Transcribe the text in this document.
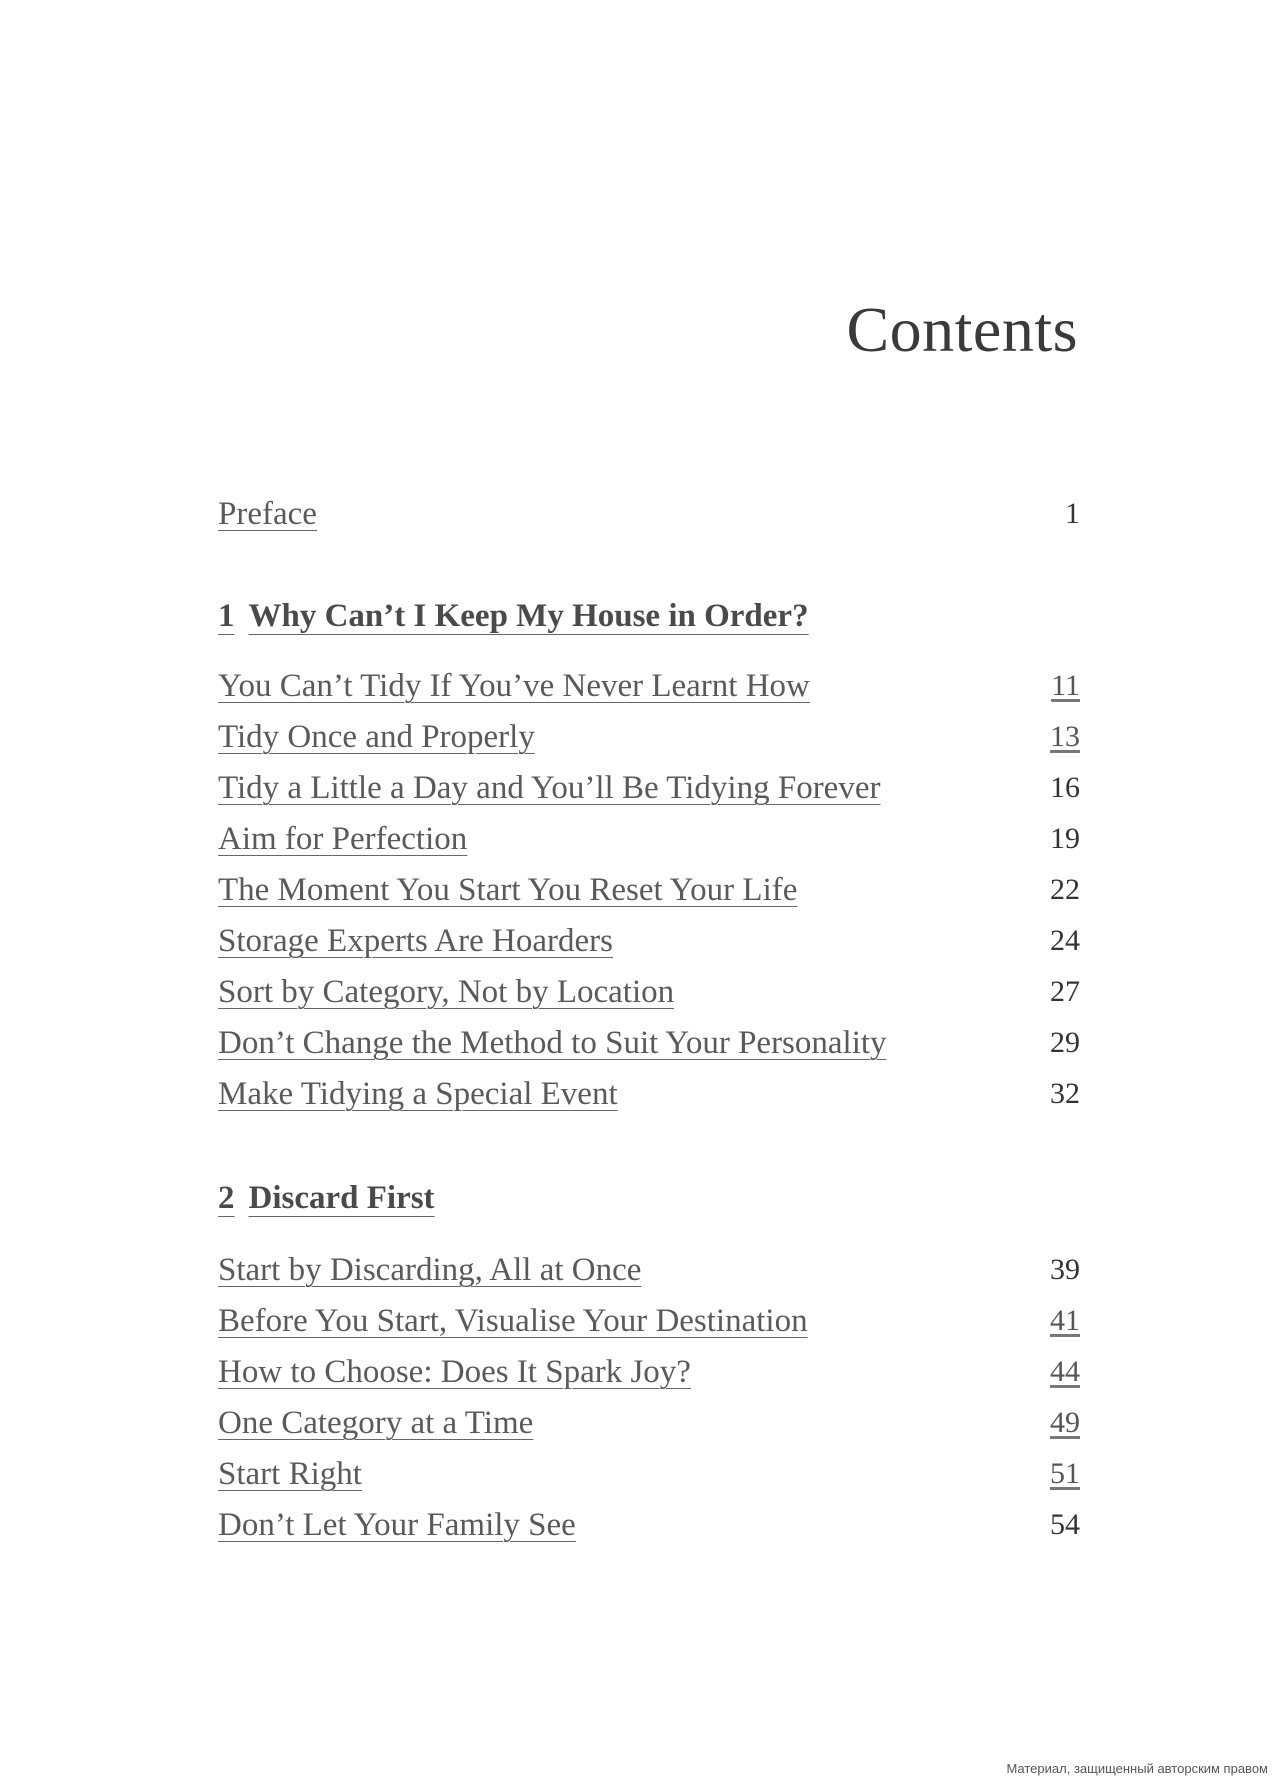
Contents
Preface	1
1 Why Can’t I Keep My House in Order?
You Can’t Tidy If You’ve Never Learnt How	11
Tidy Once and Properly	13
Tidy a Little a Day and You’ll Be Tidying Forever	16
Aim for Perfection	19
The Moment You Start You Reset Your Life	22
Storage Experts Are Hoarders	24
Sort by Category, Not by Location	27
Don’t Change the Method to Suit Your Personality	29
Make Tidying a Special Event	32
2 Discard First
Start by Discarding, All at Once	39
Before You Start, Visualise Your Destination	41
How to Choose: Does It Spark Joy?	44
One Category at a Time	49
Start Right	51
Don’t Let Your Family See	54
Материал, защищенный авторским правом
